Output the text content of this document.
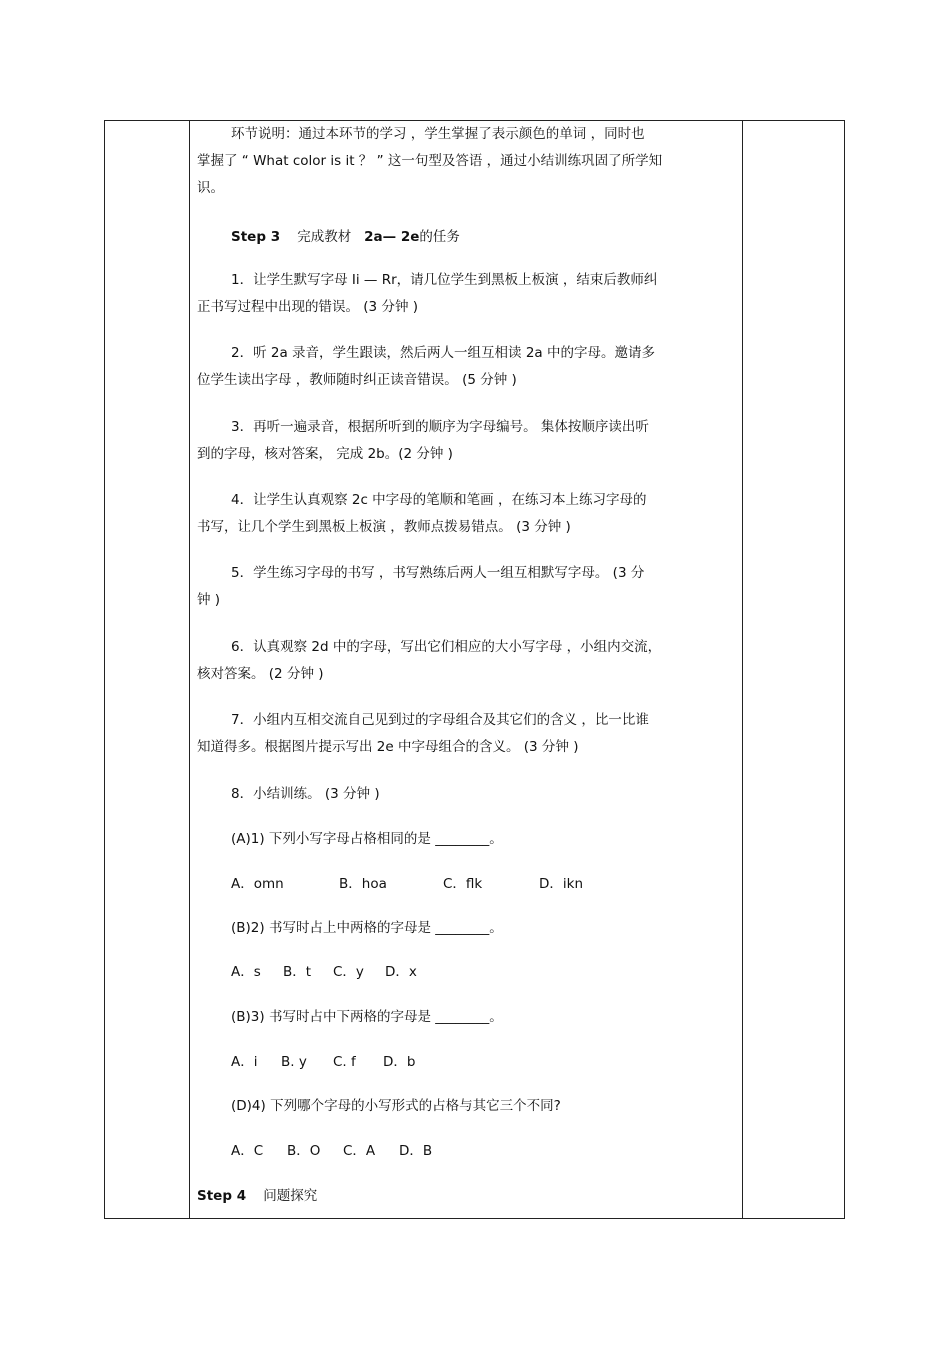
环节说明：通过本环节的学习 ，学生掌握了表示颜色的单词 ，同时也

掌握了 “ What color is it ？ ” 这一句型及答语 ，通过小结训练巩固了所学知

识。

Step 3 完成教材 2a— 2e的任务

1．让学生默写字母 Ii — Rr，请几位学生到黑板上板演 ，结束后教师纠

正书写过程中出现的错误。 (3 分钟 )

2．听 2a 录音，学生跟读，然后两人一组互相读 2a 中的字母。邀请多

位学生读出字母 ，教师随时纠正读音错误。 (5 分钟 )

3．再听一遍录音，根据所听到的顺序为字母编号。 集体按顺序读出听

到的字母，核对答案， 完成 2b。(2 分钟 )

4．让学生认真观察 2c 中字母的笔顺和笔画 ，在练习本上练习字母的

书写，让几个学生到黑板上板演 ，教师点拨易错点。 (3 分钟 )

5．学生练习字母的书写 ，书写熟练后两人一组互相默写字母。 (3 分

钟 )

6．认真观察 2d 中的字母，写出它们相应的大小写字母 ，小组内交流，

核对答案。 (2 分钟 )

7．小组内互相交流自己见到过的字母组合及其它们的含义 ，比一比谁

知道得多。根据图片提示写出 2e 中字母组合的含义。 (3 分钟 )

8．小结训练。 (3 分钟 )

(A)1) 下列小写字母占格相同的是 ________。

A．omn	B．hoa	C．flk	D．ikn

(B)2) 书写时占上中两格的字母是 ________。

A．s B．t C．y D．x

(B)3) 书写时占中下两格的字母是 ________。

A．i B. y C. f D．b

(D)4) 下列哪个字母的小写形式的占格与其它三个不同?

A．C B．O C．A D．B

Step 4 问题探究
